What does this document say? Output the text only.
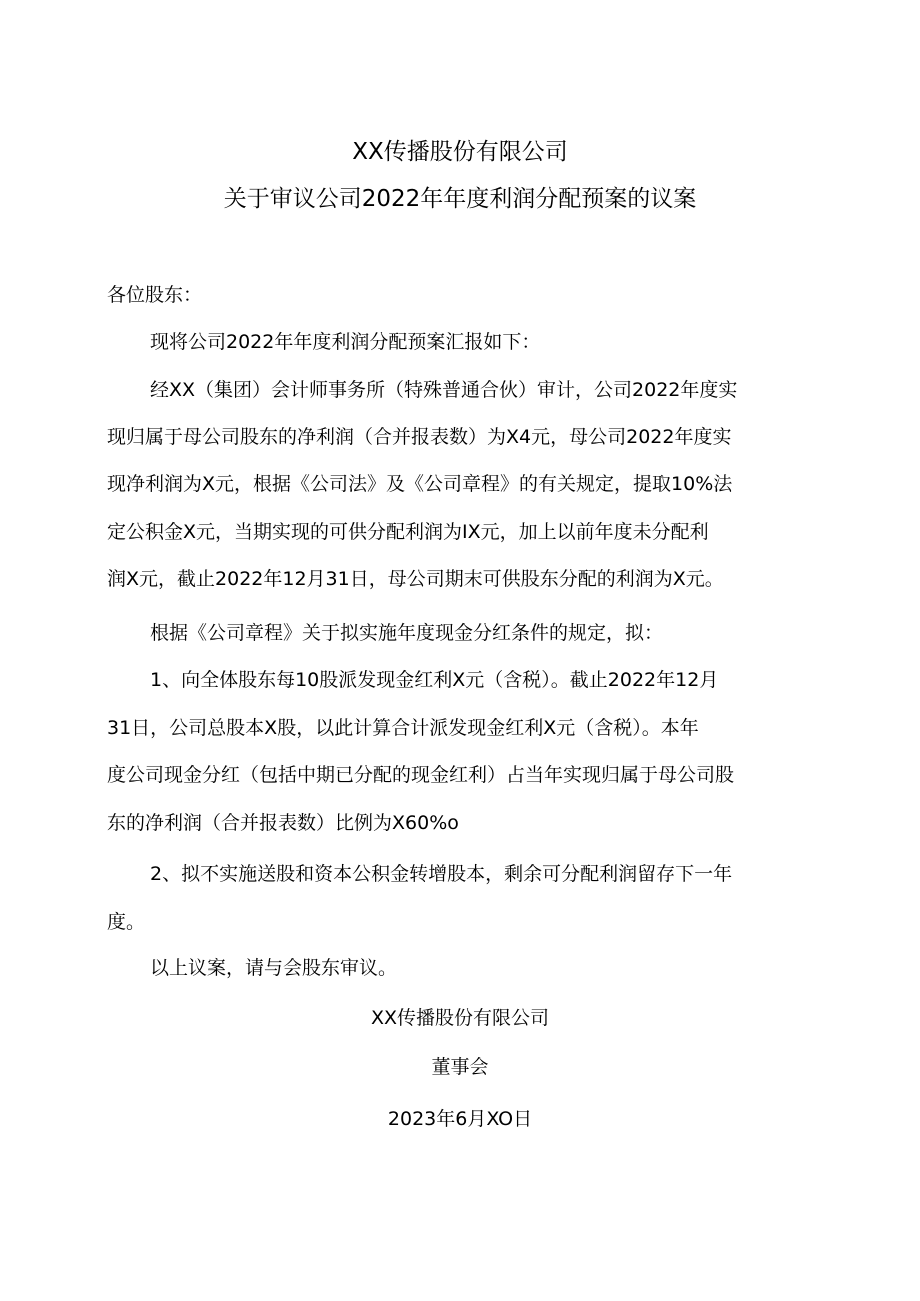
XX传播股份有限公司
关于审议公司2022年年度利润分配预案的议案
各位股东：
现将公司2022年年度利润分配预案汇报如下：
经XX（集团）会计师事务所（特殊普通合伙）审计，公司2022年度实
现归属于母公司股东的净利润（合并报表数）为X4元，母公司2022年度实
现净利润为X元，根据《公司法》及《公司章程》的有关规定，提取10%法
定公积金X元，当期实现的可供分配利润为IX元，加上以前年度未分配利
润X元，截止2022年12月31日，母公司期末可供股东分配的利润为X元。
根据《公司章程》关于拟实施年度现金分红条件的规定，拟：
1、向全体股东每10股派发现金红利X元（含税）。截止2022年12月
31日，公司总股本X股，以此计算合计派发现金红利X元（含税）。本年
度公司现金分红（包括中期已分配的现金红利）占当年实现归属于母公司股
东的净利润（合并报表数）比例为X60%o
2、拟不实施送股和资本公积金转增股本，剩余可分配利润留存下一年
度。
以上议案，请与会股东审议。
XX传播股份有限公司
董事会
2023年6月XO日
